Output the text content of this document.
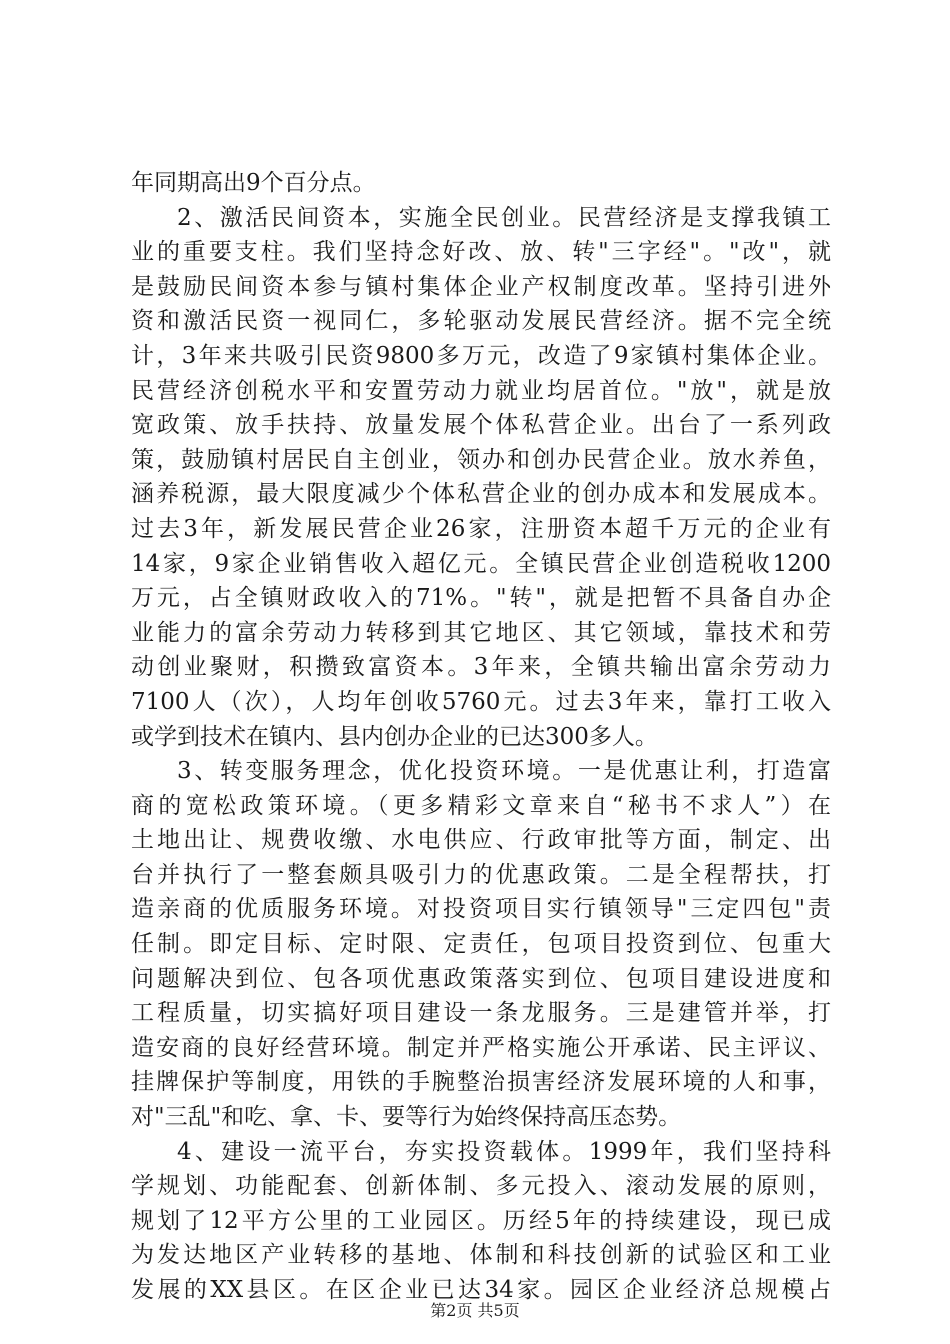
年同期高出9个百分点。
2、激活民间资本，实施全民创业。民营经济是支撑我镇工
业的重要支柱。我们坚持念好改、放、转"三字经"。"改"，就
是鼓励民间资本参与镇村集体企业产权制度改革。坚持引进外
资和激活民资一视同仁，多轮驱动发展民营经济。据不完全统
计，3年来共吸引民资9800多万元，改造了9家镇村集体企业。
民营经济创税水平和安置劳动力就业均居首位。"放"，就是放
宽政策、放手扶持、放量发展个体私营企业。出台了一系列政
策，鼓励镇村居民自主创业，领办和创办民营企业。放水养鱼，
涵养税源，最大限度减少个体私营企业的创办成本和发展成本。
过去3年，新发展民营企业26家，注册资本超千万元的企业有
14家，9家企业销售收入超亿元。全镇民营企业创造税收1200
万元，占全镇财政收入的71%。"转"，就是把暂不具备自办企
业能力的富余劳动力转移到其它地区、其它领域，靠技术和劳
动创业聚财，积攒致富资本。3年来，全镇共输出富余劳动力
7100人（次），人均年创收5760元。过去3年来，靠打工收入
或学到技术在镇内、县内创办企业的已达300多人。
3、转变服务理念，优化投资环境。一是优惠让利，打造富
商的宽松政策环境。（更多精彩文章来自“秘书不求人”）在
土地出让、规费收缴、水电供应、行政审批等方面，制定、出
台并执行了一整套颇具吸引力的优惠政策。二是全程帮扶，打
造亲商的优质服务环境。对投资项目实行镇领导"三定四包"责
任制。即定目标、定时限、定责任，包项目投资到位、包重大
问题解决到位、包各项优惠政策落实到位、包项目建设进度和
工程质量，切实搞好项目建设一条龙服务。三是建管并举，打
造安商的良好经营环境。制定并严格实施公开承诺、民主评议、
挂牌保护等制度，用铁的手腕整治损害经济发展环境的人和事，
对"三乱"和吃、拿、卡、要等行为始终保持高压态势。
4、建设一流平台，夯实投资载体。1999年，我们坚持科
学规划、功能配套、创新体制、多元投入、滚动发展的原则，
规划了12平方公里的工业园区。历经5年的持续建设，现已成
为发达地区产业转移的基地、体制和科技创新的试验区和工业
发展的XX县区。在区企业已达34家。园区企业经济总规模占
第2页 共5页
